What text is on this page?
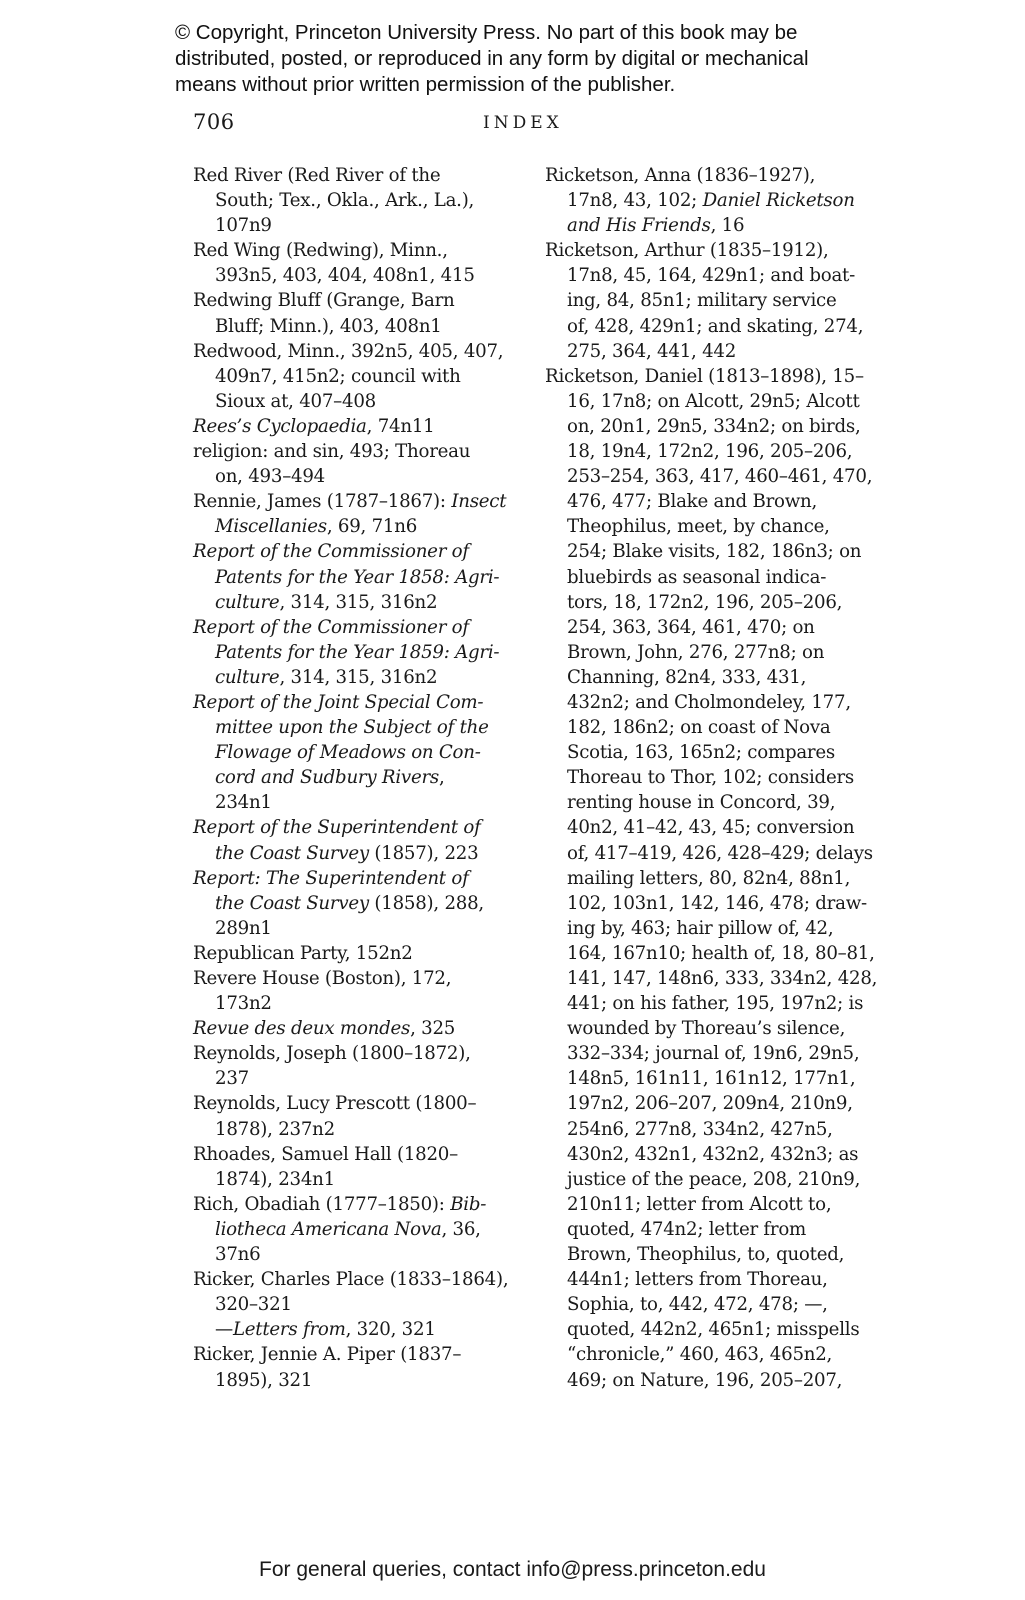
© Copyright, Princeton University Press. No part of this book may be
distributed, posted, or reproduced in any form by digital or mechanical
means without prior written permission of the publisher.
706	INDEX
Red River (Red River of the
South; Tex., Okla., Ark., La.),
107n9
Red Wing (Redwing), Minn.,
393n5, 403, 404, 408n1, 415
Redwing Bluff (Grange, Barn
Bluff; Minn.), 403, 408n1
Redwood, Minn., 392n5, 405, 407,
409n7, 415n2; council with
Sioux at, 407–408
Rees’s Cyclopaedia, 74n11
religion: and sin, 493; Thoreau
on, 493–494
Rennie, James (1787–1867): Insect
Miscellanies, 69, 71n6
Report of the Commissioner of
Patents for the Year 1858: Agri-
culture, 314, 315, 316n2
Report of the Commissioner of
Patents for the Year 1859: Agri-
culture, 314, 315, 316n2
Report of the Joint Special Com-
mittee upon the Subject of the
Flowage of Meadows on Con-
cord and Sudbury Rivers,
234n1
Report of the Superintendent of
the Coast Survey (1857), 223
Report: The Superintendent of
the Coast Survey (1858), 288,
289n1
Republican Party, 152n2
Revere House (Boston), 172,
173n2
Revue des deux mondes, 325
Reynolds, Joseph (1800–1872),
237
Reynolds, Lucy Prescott (1800–
1878), 237n2
Rhoades, Samuel Hall (1820–
1874), 234n1
Rich, Obadiah (1777–1850): Bib-
liotheca Americana Nova, 36,
37n6
Ricker, Charles Place (1833–1864),
320–321
—Letters from, 320, 321
Ricker, Jennie A. Piper (1837–
1895), 321
Ricketson, Anna (1836–1927),
17n8, 43, 102; Daniel Ricketson
and His Friends, 16
Ricketson, Arthur (1835–1912),
17n8, 45, 164, 429n1; and boat-
ing, 84, 85n1; military service
of, 428, 429n1; and skating, 274,
275, 364, 441, 442
Ricketson, Daniel (1813–1898), 15–
16, 17n8; on Alcott, 29n5; Alcott
on, 20n1, 29n5, 334n2; on birds,
18, 19n4, 172n2, 196, 205–206,
253–254, 363, 417, 460–461, 470,
476, 477; Blake and Brown,
Theophilus, meet, by chance,
254; Blake visits, 182, 186n3; on
bluebirds as seasonal indica-
tors, 18, 172n2, 196, 205–206,
254, 363, 364, 461, 470; on
Brown, John, 276, 277n8; on
Channing, 82n4, 333, 431,
432n2; and Cholmondeley, 177,
182, 186n2; on coast of Nova
Scotia, 163, 165n2; compares
Thoreau to Thor, 102; considers
renting house in Concord, 39,
40n2, 41–42, 43, 45; conversion
of, 417–419, 426, 428–429; delays
mailing letters, 80, 82n4, 88n1,
102, 103n1, 142, 146, 478; draw-
ing by, 463; hair pillow of, 42,
164, 167n10; health of, 18, 80–81,
141, 147, 148n6, 333, 334n2, 428,
441; on his father, 195, 197n2; is
wounded by Thoreau’s silence,
332–334; journal of, 19n6, 29n5,
148n5, 161n11, 161n12, 177n1,
197n2, 206–207, 209n4, 210n9,
254n6, 277n8, 334n2, 427n5,
430n2, 432n1, 432n2, 432n3; as
justice of the peace, 208, 210n9,
210n11; letter from Alcott to,
quoted, 474n2; letter from
Brown, Theophilus, to, quoted,
444n1; letters from Thoreau,
Sophia, to, 442, 472, 478; —,
quoted, 442n2, 465n1; misspells
“chronicle,” 460, 463, 465n2,
469; on Nature, 196, 205–207,
For general queries, contact info@press.princeton.edu
